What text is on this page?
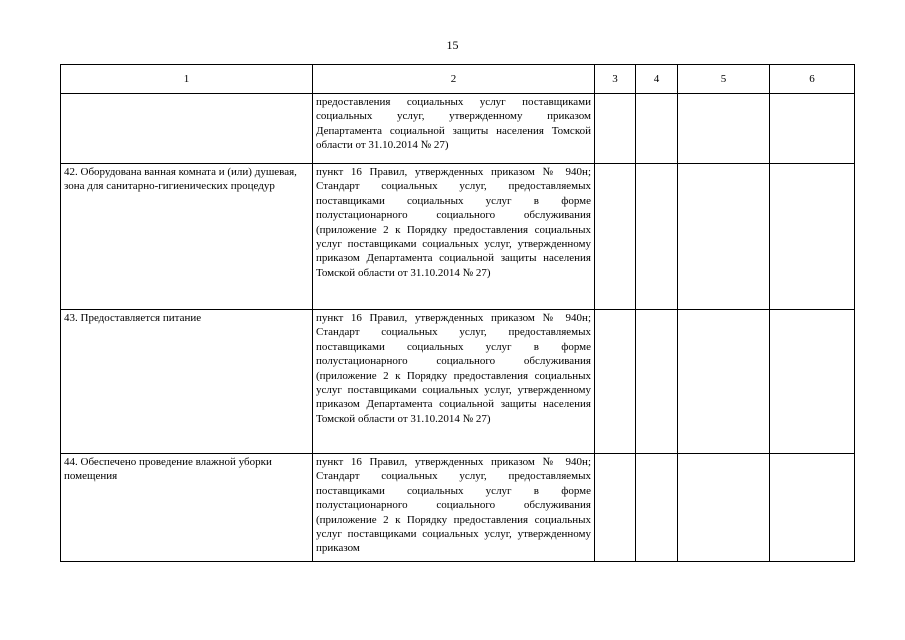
15
1	2	3	4	5	6
	предоставления социальных услуг поставщиками социальных услуг, утвержденному приказом Департамента социальной защиты населения Томской области от 31.10.2014 № 27)				
42. Оборудована ванная комната и (или) душевая, зона для санитарно-гигиенических процедур	пункт 16 Правил, утвержденных приказом № 940н; Стандарт социальных услуг, предоставляемых поставщиками социальных услуг в форме полустационарного социального обслуживания (приложение 2 к Порядку предоставления социальных услуг поставщиками социальных услуг, утвержденному приказом Департамента социальной защиты населения Томской области от 31.10.2014 № 27)				
43. Предоставляется питание	пункт 16 Правил, утвержденных приказом № 940н; Стандарт социальных услуг, предоставляемых поставщиками социальных услуг в форме полустационарного социального обслуживания (приложение 2 к Порядку предоставления социальных услуг поставщиками социальных услуг, утвержденному приказом Департамента социальной защиты населения Томской области от 31.10.2014 № 27)				
44. Обеспечено проведение влажной уборки помещения	пункт 16 Правил, утвержденных приказом № 940н; Стандарт социальных услуг, предоставляемых поставщиками социальных услуг в форме полустационарного социального обслуживания (приложение 2 к Порядку предоставления социальных услуг поставщиками социальных услуг, утвержденному приказом				
